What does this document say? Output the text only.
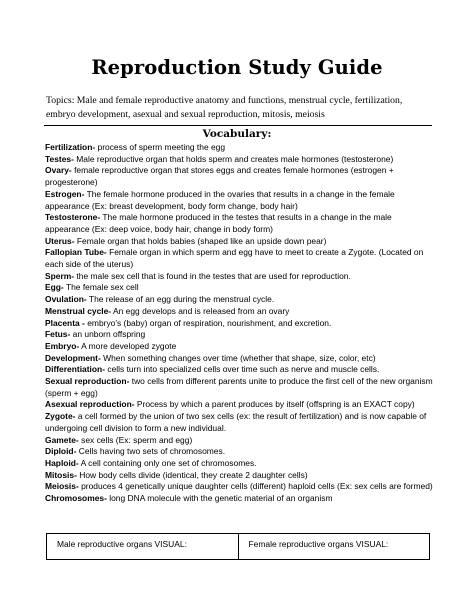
Reproduction Study Guide
Topics: Male and female reproductive anatomy and functions, menstrual cycle, fertilization, embryo development, asexual and sexual reproduction, mitosis, meiosis
Vocabulary:
Fertilization- process of sperm meeting the egg
Testes- Male reproductive organ that holds sperm and creates male hormones (testosterone)
Ovary- female reproductive organ that stores eggs and creates female hormones (estrogen + progesterone)
Estrogen- The female hormone produced in the ovaries that results in a change in the female appearance (Ex: breast development, body form change, body hair)
Testosterone- The male hormone produced in the testes that results in a change in the male appearance (Ex: deep voice, body hair, change in body form)
Uterus- Female organ that holds babies (shaped like an upside down pear)
Fallopian Tube- Female organ in which sperm and egg have to meet to create a Zygote. (Located on each side of the uterus)
Sperm- the male sex cell that is found in the testes that are used for reproduction.
Egg- The female sex cell
Ovulation- The release of an egg during the menstrual cycle.
Menstrual cycle- An egg develops and is released from an ovary
Placenta - embryo's (baby) organ of respiration, nourishment, and excretion.
Fetus- an unborn offspring
Embryo- A more developed zygote
Development- When something changes over time (whether that shape, size, color, etc)
Differentiation- cells turn into specialized cells over time such as nerve and muscle cells.
Sexual reproduction- two cells from different parents unite to produce the first cell of the new organism (sperm + egg)
Asexual reproduction- Process by which a parent produces by itself (offspring is an EXACT copy)
Zygote- a cell formed by the union of two sex cells (ex: the result of fertilization) and is now capable of undergoing cell division to form a new individual.
Gamete- sex cells (Ex: sperm and egg)
Diploid- Cells having two sets of chromosomes.
Haploid- A cell containing only one set of chromosomes.
Mitosis- How body cells divide (identical, they create 2 daughter cells)
Meiosis- produces 4 genetically unique daughter cells (different) haploid cells (Ex: sex cells are formed)
Chromosomes- long DNA molecule with the genetic material of an organism
Male reproductive organs VISUAL:	Female reproductive organs VISUAL:
